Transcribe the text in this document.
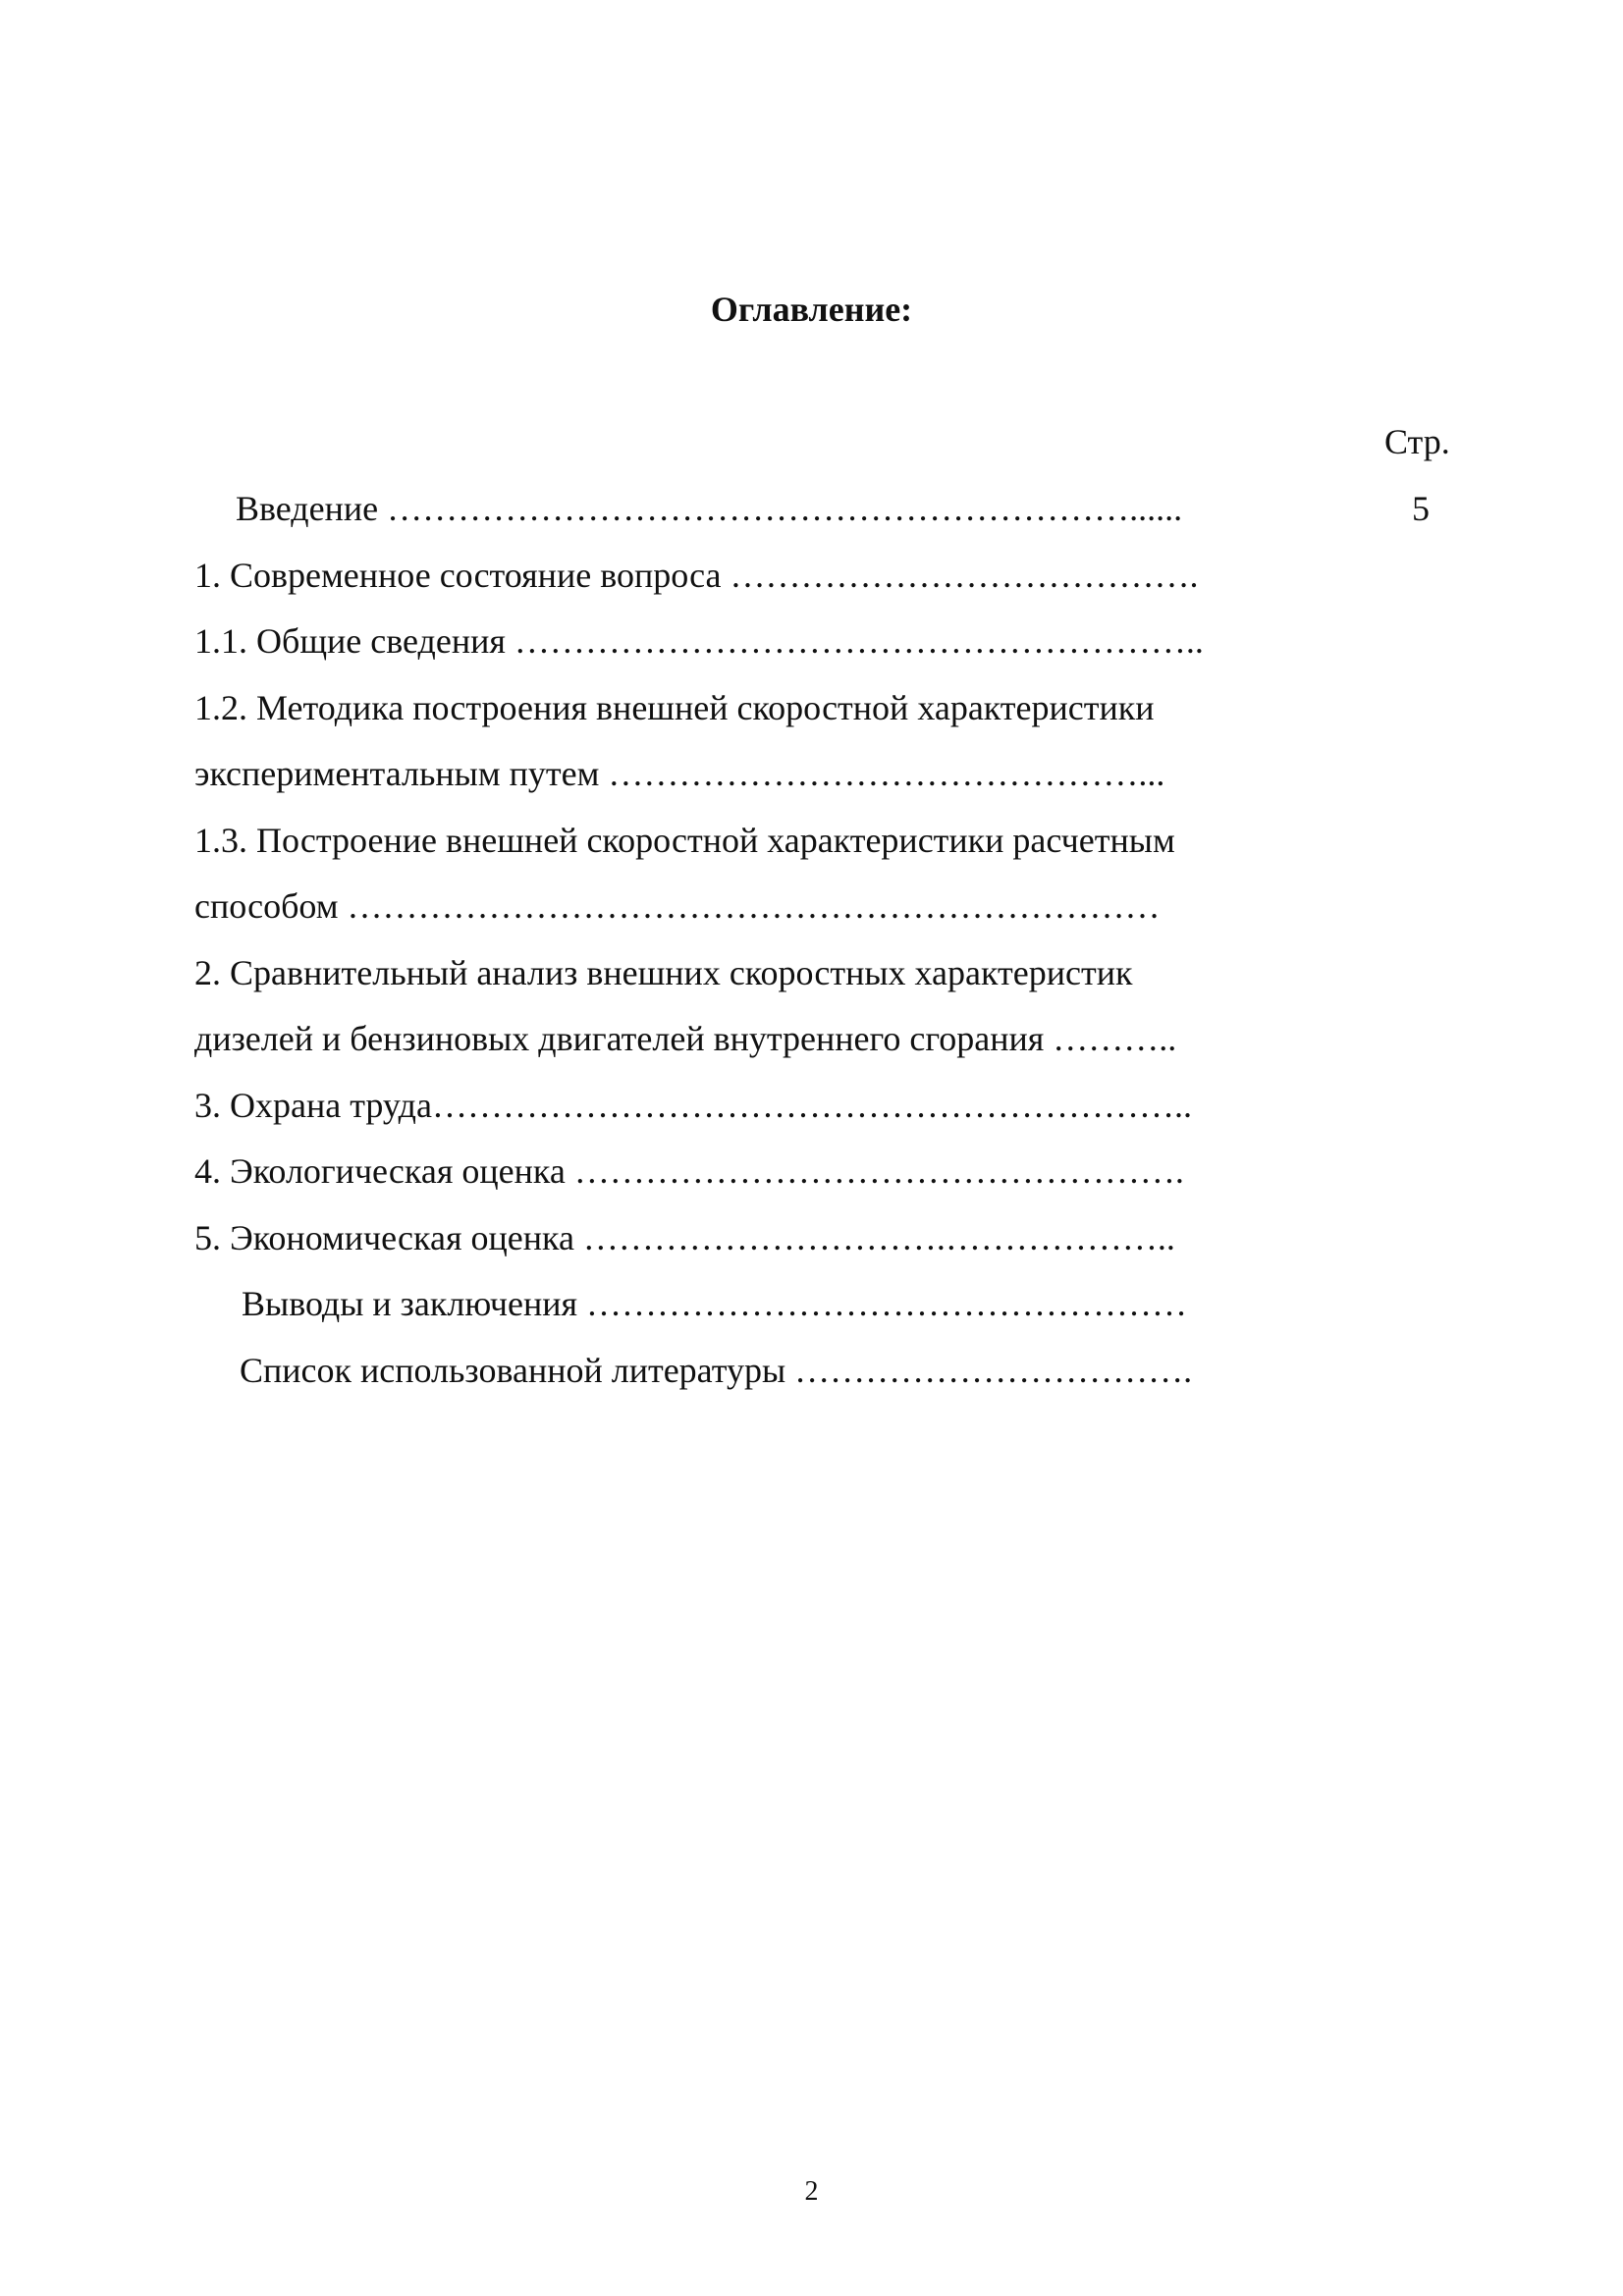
Оглавление:
Стр.
Введение ………………………………………………………......	5
1. Современное состояние вопроса ………………………………….
1.1. Общие сведения …………………………………………………..
1.2. Методика построения внешней скоростной характеристики
экспериментальным путем ………………………………………...
1.3. Построение внешней скоростной характеристики расчетным
способом ……………………………………………………………
2. Сравнительный анализ внешних скоростных характеристик
дизелей и бензиновых двигателей внутреннего сгорания ………..
3. Охрана труда………………………………………………………..
4. Экологическая оценка …………………………………………….
5. Экономическая оценка ………………………….………………..
Выводы и заключения ……………………………………………
Список использованной литературы …………………………….
2
